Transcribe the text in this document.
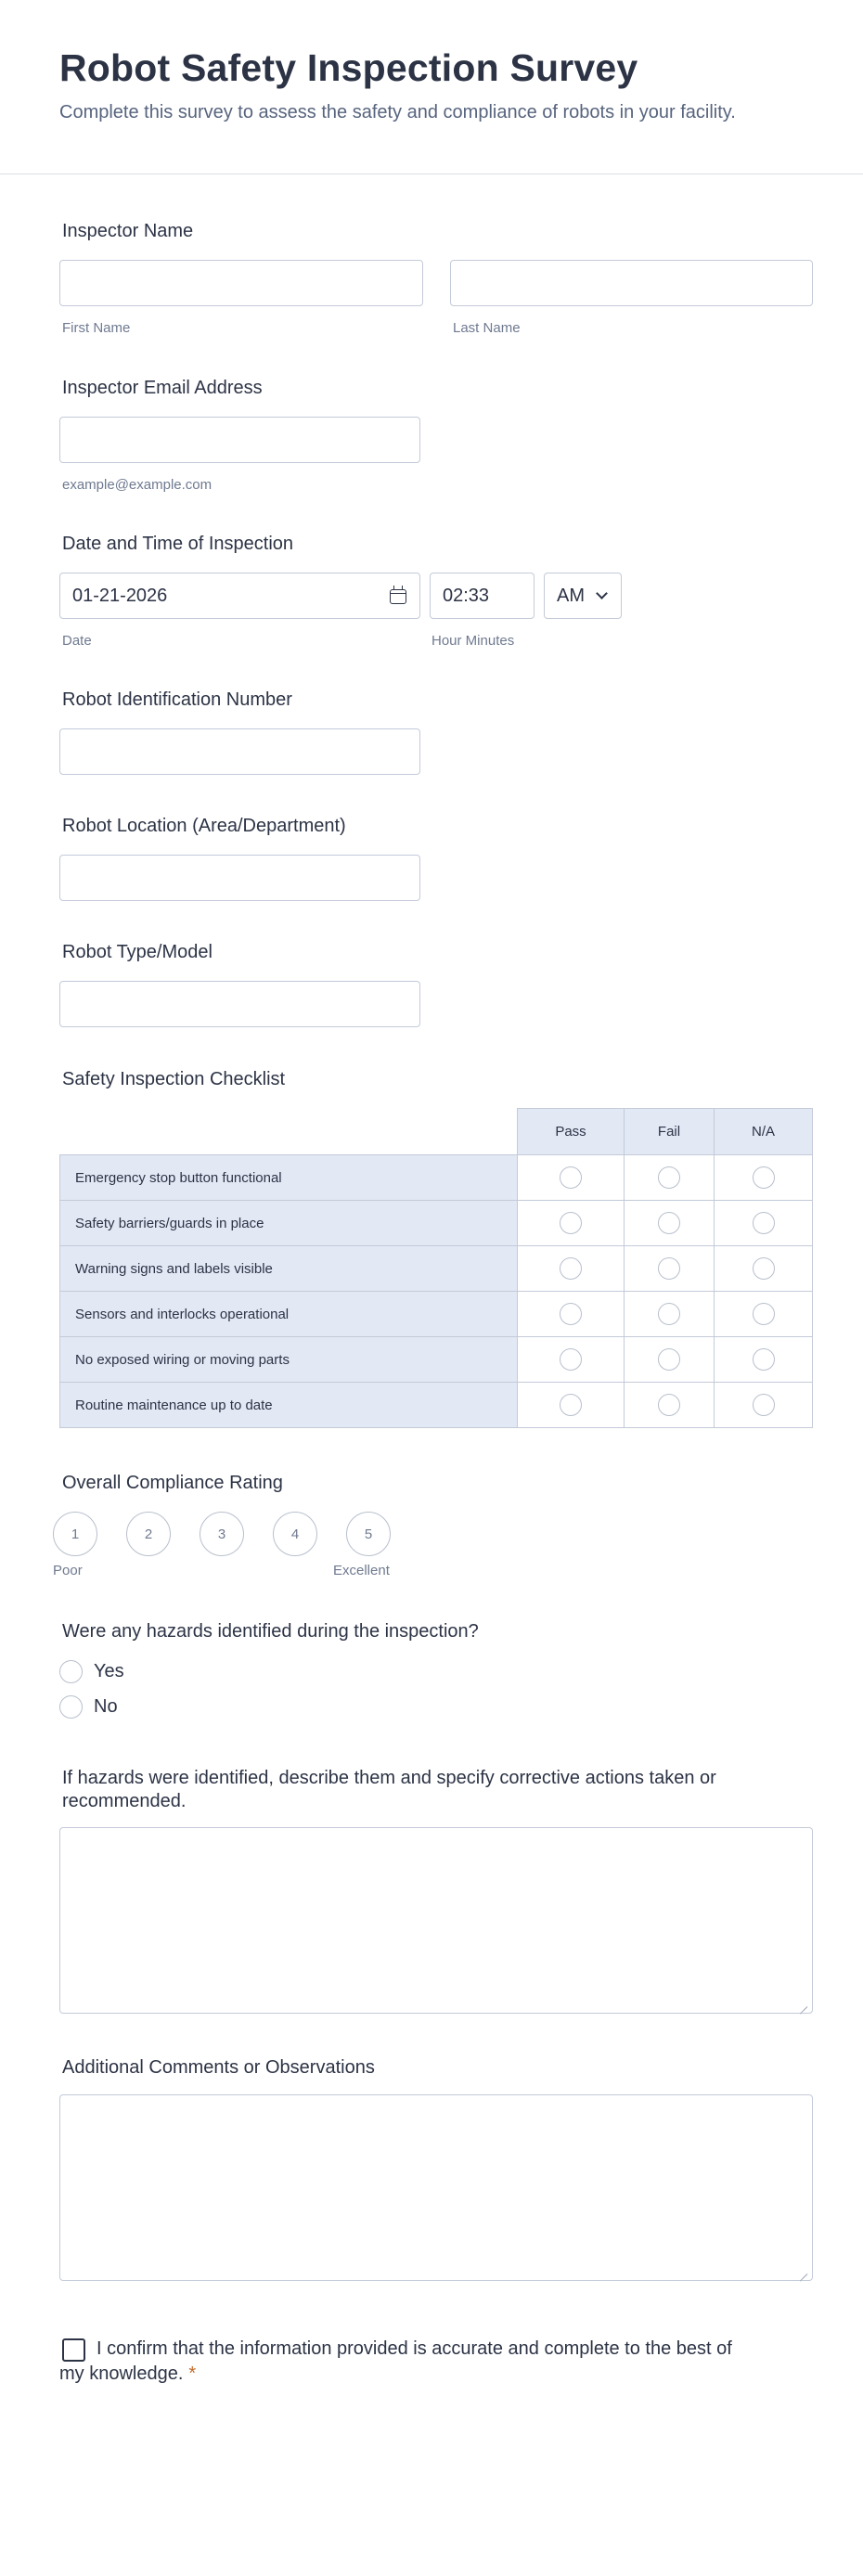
Robot Safety Inspection Survey
Complete this survey to assess the safety and compliance of robots in your facility.
Inspector Name
First Name	Last Name
Inspector Email Address
example@example.com
Date and Time of Inspection
01-21-2026	02:33	AM
Date	Hour Minutes
Robot Identification Number
Robot Location (Area/Department)
Robot Type/Model
Safety Inspection Checklist
Pass	Fail	N/A
Emergency stop button functional
Safety barriers/guards in place
Warning signs and labels visible
Sensors and interlocks operational
No exposed wiring or moving parts
Routine maintenance up to date
Overall Compliance Rating
1	2	3	4	5
Poor	Excellent
Were any hazards identified during the inspection?
Yes
No
If hazards were identified, describe them and specify corrective actions taken or recommended.
Additional Comments or Observations
I confirm that the information provided is accurate and complete to the best of my knowledge. *
